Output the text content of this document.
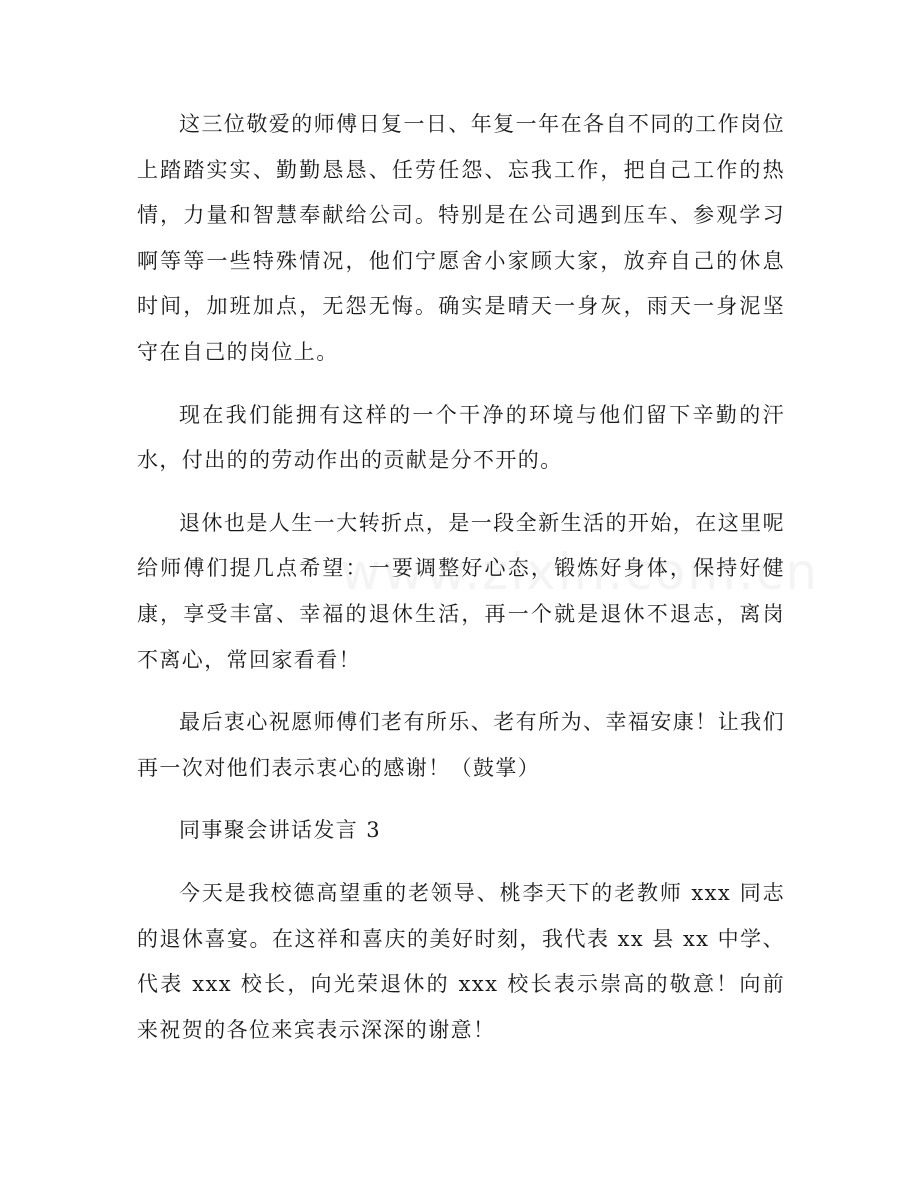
这三位敬爱的师傅日复一日、年复一年在各自不同的工作岗位上踏踏实实、勤勤恳恳、任劳任怨、忘我工作，把自己工作的热情，力量和智慧奉献给公司。特别是在公司遇到压车、参观学习啊等等一些特殊情况，他们宁愿舍小家顾大家，放弃自己的休息时间，加班加点，无怨无悔。确实是晴天一身灰，雨天一身泥坚守在自己的岗位上。

现在我们能拥有这样的一个干净的环境与他们留下辛勤的汗水，付出的的劳动作出的贡献是分不开的。

退休也是人生一大转折点，是一段全新生活的开始，在这里呢给师傅们提几点希望：一要调整好心态，锻炼好身体，保持好健康，享受丰富、幸福的退休生活，再一个就是退休不退志，离岗不离心，常回家看看！

最后衷心祝愿师傅们老有所乐、老有所为、幸福安康！让我们再一次对他们表示衷心的感谢！（鼓掌）

同事聚会讲话发言 3

今天是我校德高望重的老领导、桃李天下的老教师 xxx 同志的退休喜宴。在这祥和喜庆的美好时刻，我代表 xx 县 xx 中学、代表 xxx 校长，向光荣退休的 xxx 校长表示崇高的敬意！向前来祝贺的各位来宾表示深深的谢意！
